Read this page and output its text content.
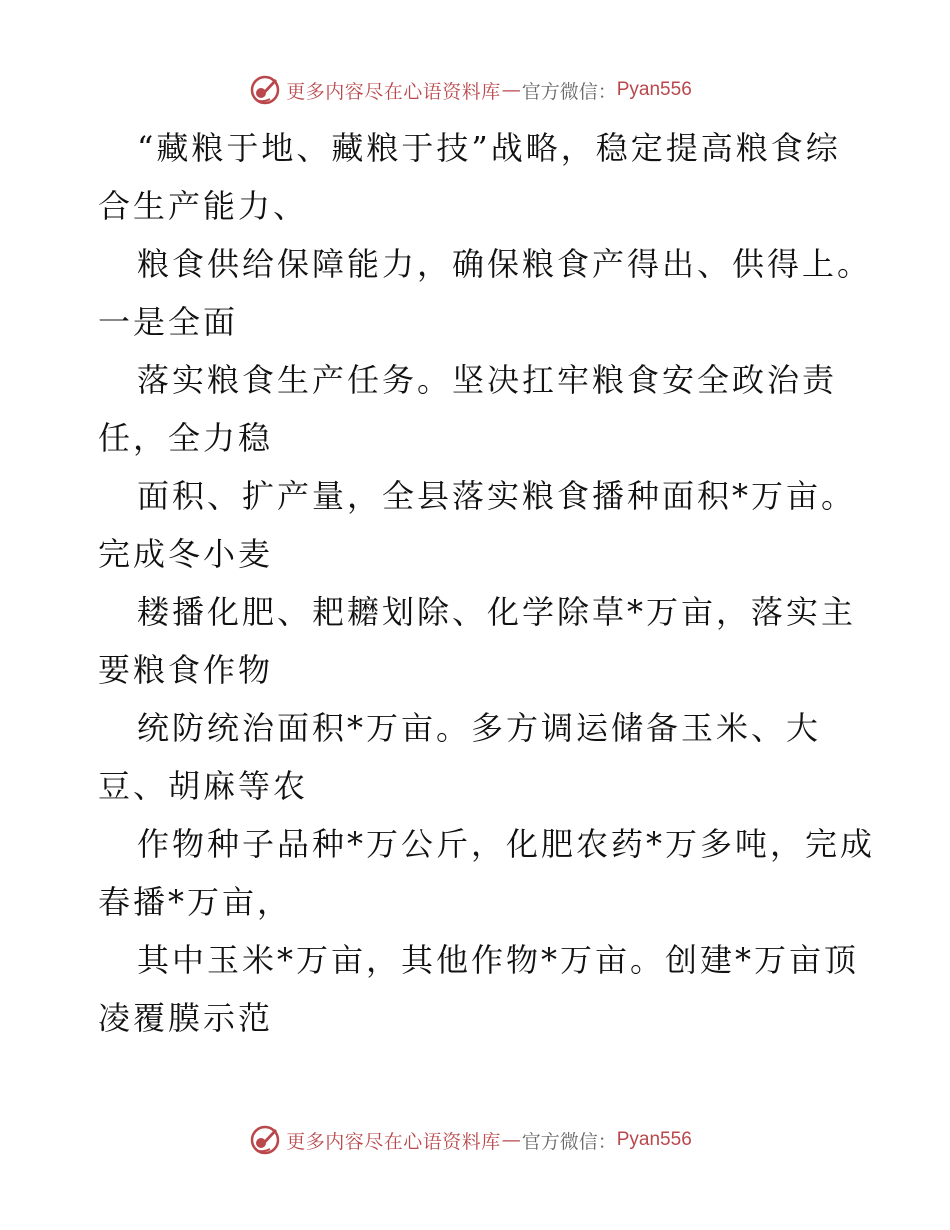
更多内容尽在心语资料库 — 官方微信： Pyan556
“藏粮于地、藏粮于技”战略，稳定提高粮食综
合生产能力、
粮食供给保障能力，确保粮食产得出、供得上。
一是全面
落实粮食生产任务。坚决扛牢粮食安全政治责
任，全力稳
面积、扩产量，全县落实粮食播种面积*万亩。
完成冬小麦
耧播化肥、耙耱划除、化学除草*万亩，落实主
要粮食作物
统防统治面积*万亩。多方调运储备玉米、大
豆、胡麻等农
作物种子品种*万公斤，化肥农药*万多吨，完成
春播*万亩，
其中玉米*万亩，其他作物*万亩。创建*万亩顶
凌覆膜示范
更多内容尽在心语资料库 — 官方微信： Pyan556
